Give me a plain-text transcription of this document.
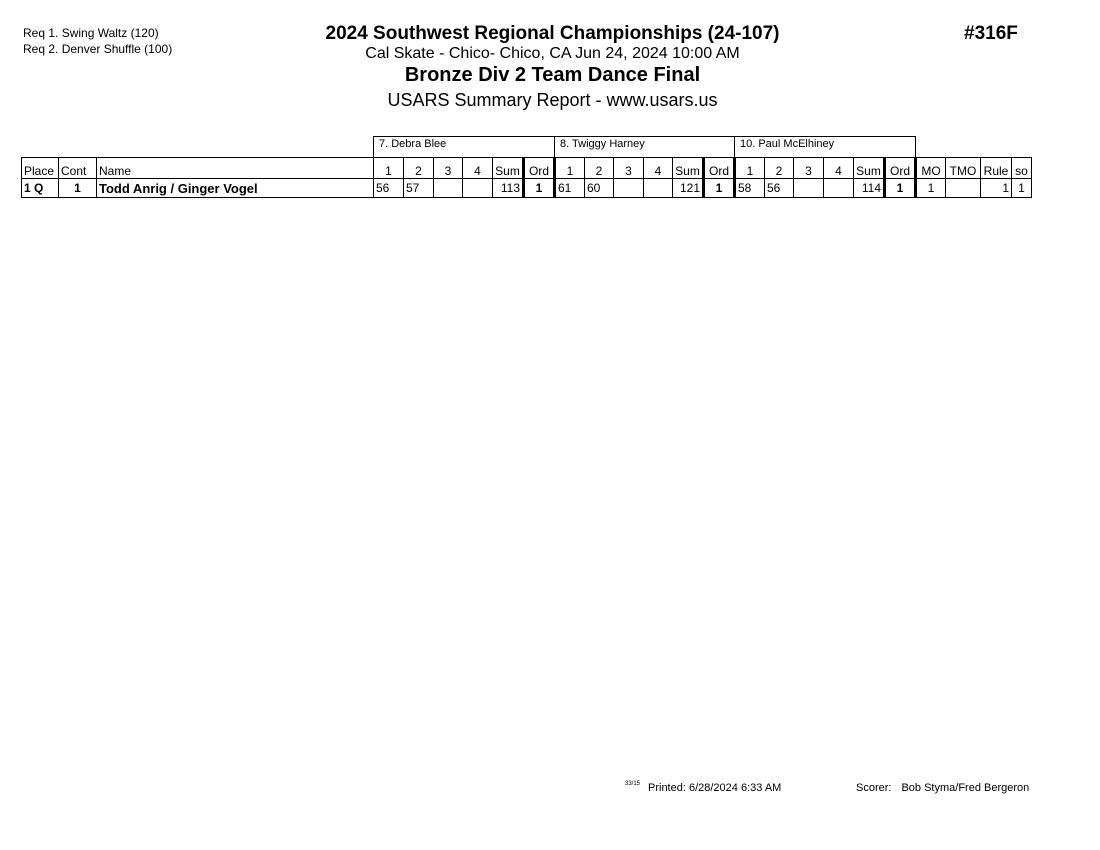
Req 1. Swing Waltz (120)
Req 2. Denver Shuffle (100)
2024 Southwest Regional Championships (24-107)
Cal Skate - Chico- Chico, CA Jun 24, 2024 10:00 AM
Bronze Div 2 Team Dance Final
USARS Summary Report - www.usars.us
#316F
			7. Debra Blee						8. Twiggy Harney						10. Paul McElhiney									
Place	Cont	Name	1	2	3	4	Sum	Ord	1	2	3	4	Sum	Ord	1	2	3	4	Sum	Ord	MO	TMO	Rule	so
1 Q	1	Todd Anrig / Ginger Vogel	56	57			113	1	61	60			121	1	58	56			114	1	1		1	1
33/15 Printed: 6/28/2024 6:33 AM	Scorer: Bob Styma/Fred Bergeron
